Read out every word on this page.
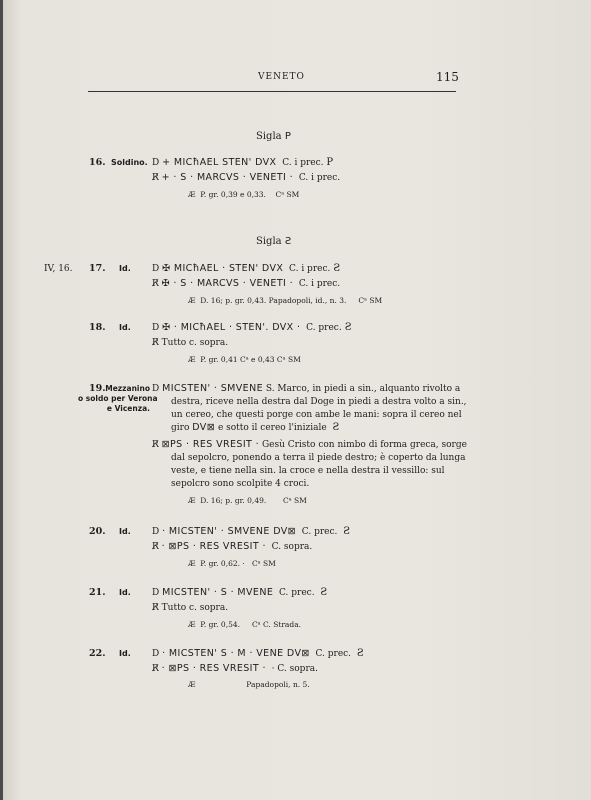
VENETO	115
Sigla P
16. Soldino. D + MICħAEL STEN' DVX C. i prec. P
R̸ + · S · MARCVS · VENETI · C. i prec.
Æ P. gr. 0,39 e 0,33. Cᵃ SM
Sigla Ƨ
IV, 16. 17. Id. D ✠ MICħAEL · STEN' DVX C. i prec. Ƨ
R̸ ✠ · S · MARCVS · VENETI · C. i prec.
Æ D. 16; p. gr. 0,43. Papadopoli, id., n. 3. Cᵃ SM
18. Id. D ✠ · MICħAEL · STEN'. DVX · C. prec. Ƨ
R̸ Tutto c. sopra.
Æ P. gr. 0,41 Cᵃ e 0,43 Cᵃ SM
19. Mezzanino
o soldo per Verona
e Vicenza.
D MICSTEN' · SMVENE S. Marco, in piedi a sin., alquanto rivolto a
destra, riceve nella destra dal Doge in piedi a destra volto a sin.,
un cereo, che questi porge con ambe le mani: sopra il cereo nel
giro DV⊠ e sotto il cereo l'iniziale Ƨ
R̸ ⊠PS · RES VRESIT · Gesù Cristo con nimbo di forma greca, sorge
dal sepolcro, ponendo a terra il piede destro; è coperto da lunga
veste, e tiene nella sin. la croce e nella destra il vessillo: sul
sepolcro sono scolpite 4 croci.
Æ D. 16; p. gr. 0,49. Cᵃ SM
20. Id. D · MICSTEN' · SMVENE DV⊠ C. prec. Ƨ
R̸ · ⊠PS · RES VRESIT · C. sopra.
Æ P. gr. 0,62. · Cᵃ SM
21. Id. D MICSTEN' · S · MVENE C. prec. Ƨ
R̸ Tutto c. sopra.
Æ P. gr. 0,54. Cᵃ C. Strada.
22. Id. D · MICSTEN' S · M · VENE DV⊠ C. prec. Ƨ
R̸ · ⊠PS · RES VRESIT · · C. sopra.
Æ	Papadopoli, n. 5.
